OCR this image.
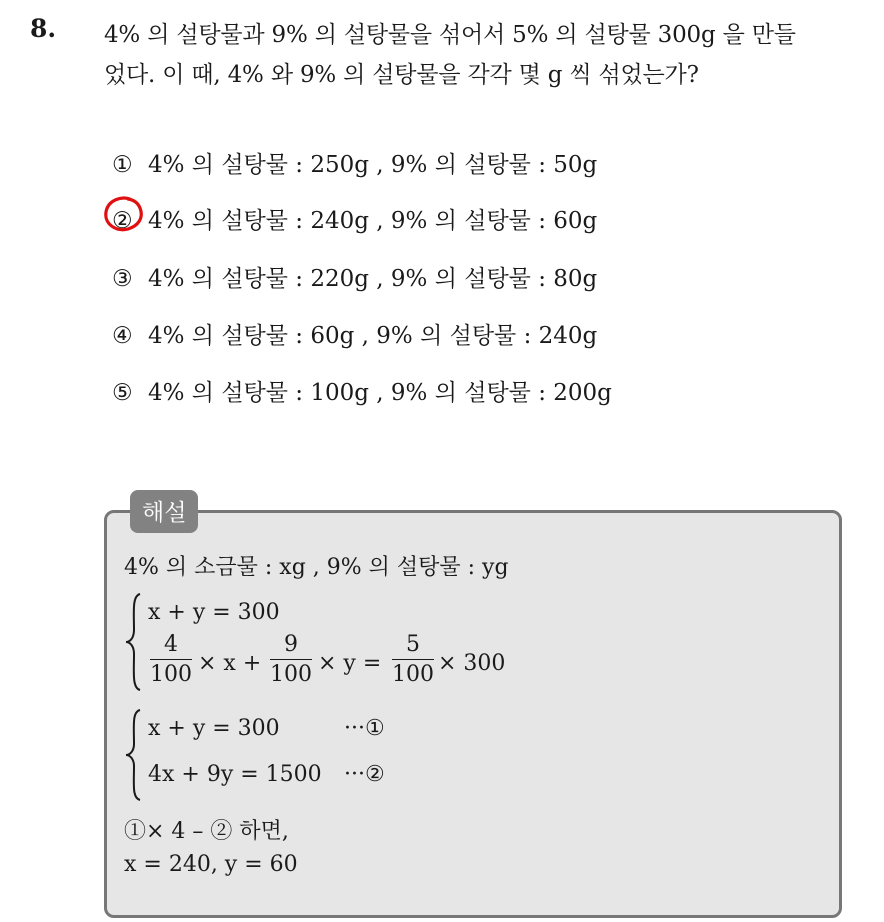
8. 4% 의 설탕물과 9% 의 설탕물을 섞어서 5% 의 설탕물 300g 을 만들
었다. 이 때, 4% 와 9% 의 설탕물을 각각 몇 g 씩 섞었는가?
① 4% 의 설탕물 : 250g , 9% 의 설탕물 : 50g
② 4% 의 설탕물 : 240g , 9% 의 설탕물 : 60g
③ 4% 의 설탕물 : 220g , 9% 의 설탕물 : 80g
④ 4% 의 설탕물 : 60g , 9% 의 설탕물 : 240g
⑤ 4% 의 설탕물 : 100g , 9% 의 설탕물 : 200g
해설
4% 의 소금물 : xg , 9% 의 설탕물 : yg
x + y = 300
4
100 × x +
9
100 × y =
5
100 × 300
x + y = 300	···①
4x + 9y = 1500 ···②
①× 4 – ② 하면,
x = 240, y = 60
